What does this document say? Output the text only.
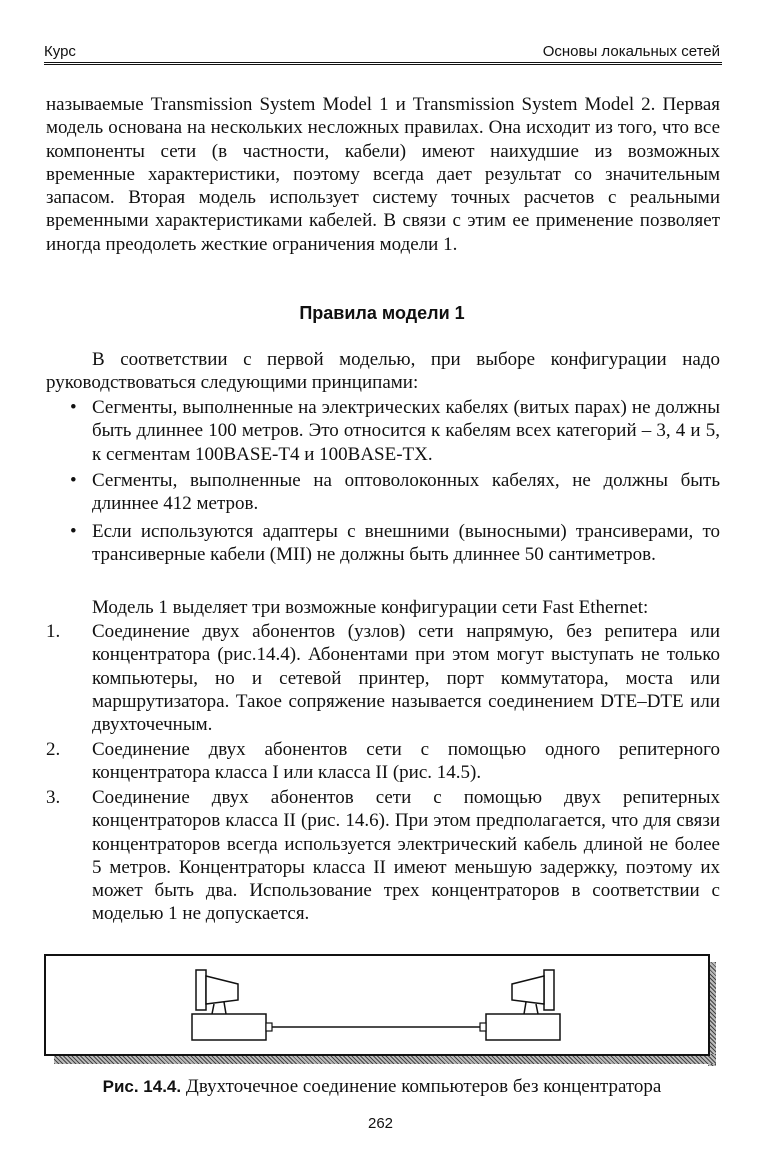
Курс	Основы локальных сетей
называемые Transmission System Model 1 и Transmission System Model 2. Первая модель основана на нескольких несложных правилах. Она исходит из того, что все компоненты сети (в частности, кабели) имеют наихудшие из возможных временные характеристики, поэтому всегда дает результат со значительным запасом. Вторая модель использует систему точных расчетов с реальными временными характеристиками кабелей. В связи с этим ее применение позволяет иногда преодолеть жесткие ограничения модели 1.
Правила модели 1
В соответствии с первой моделью, при выборе конфигурации надо руководствоваться следующими принципами:
• Сегменты, выполненные на электрических кабелях (витых парах) не должны быть длиннее 100 метров. Это относится к кабелям всех категорий – 3, 4 и 5, к сегментам 100BASE-T4 и 100BASE-TX.
• Сегменты, выполненные на оптоволоконных кабелях, не должны быть длиннее 412 метров.
• Если используются адаптеры с внешними (выносными) трансиверами, то трансиверные кабели (MII) не должны быть длиннее 50 сантиметров.
Модель 1 выделяет три возможные конфигурации сети Fast Ethernet:
1. Соединение двух абонентов (узлов) сети напрямую, без репитера или концентратора (рис.14.4). Абонентами при этом могут выступать не только компьютеры, но и сетевой принтер, порт коммутатора, моста или маршрутизатора. Такое сопряжение называется соединением DTE–DTE или двухточечным.
2. Соединение двух абонентов сети с помощью одного репитерного концентратора класса I или класса II (рис. 14.5).
3. Соединение двух абонентов сети с помощью двух репитерных концентраторов класса II (рис. 14.6). При этом предполагается, что для связи концентраторов всегда используется электрический кабель длиной не более 5 метров. Концентраторы класса II имеют меньшую задержку, поэтому их может быть два. Использование трех концентраторов в соответствии с моделью 1 не допускается.
Рис. 14.4. Двухточечное соединение компьютеров без концентратора
262
